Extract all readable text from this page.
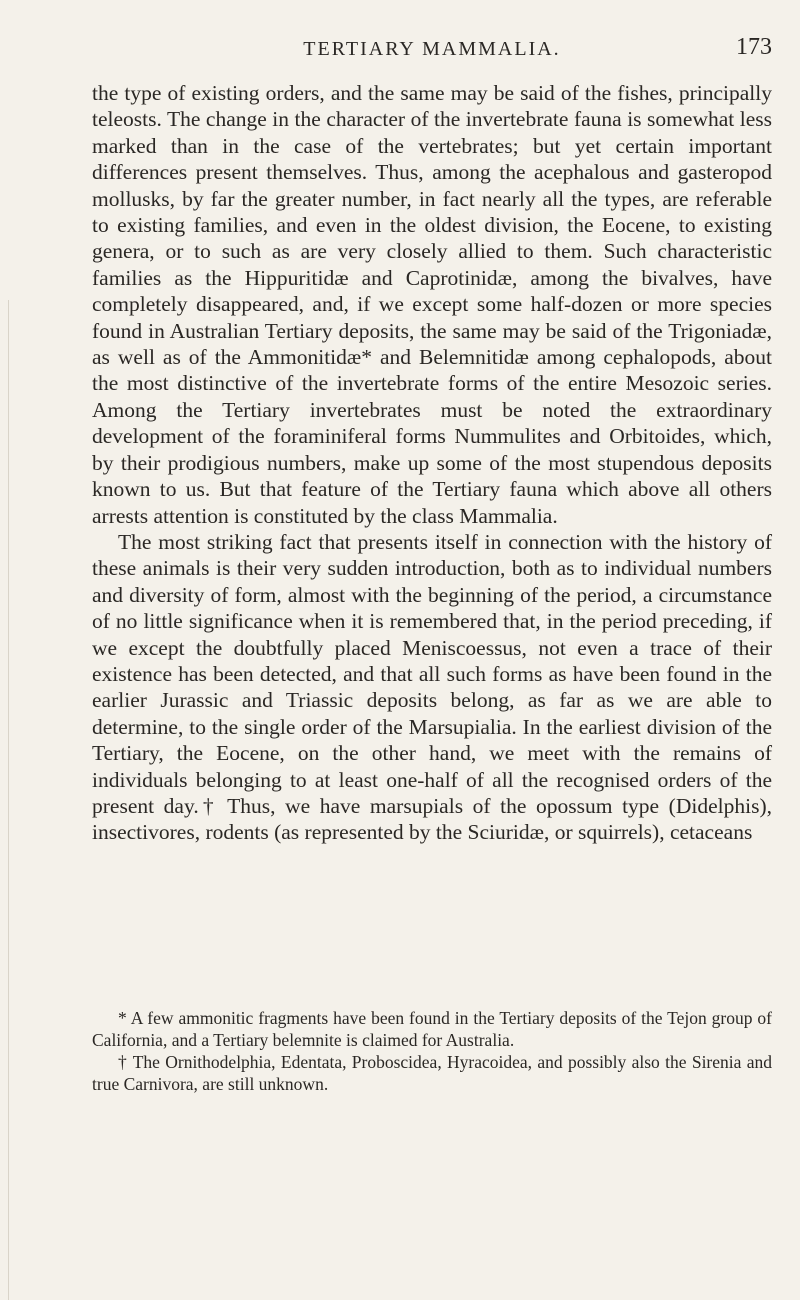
TERTIARY MAMMALIA.	173

the type of existing orders, and the same may be said of the fishes, principally teleosts. The change in the character of the invertebrate fauna is somewhat less marked than in the case of the vertebrates; but yet certain important differences present themselves. Thus, among the acephalous and gasteropod mollusks, by far the greater number, in fact nearly all the types, are referable to existing families, and even in the oldest division, the Eocene, to existing genera, or to such as are very closely allied to them. Such characteristic families as the Hippuritidæ and Caprotinidæ, among the bivalves, have completely disappeared, and, if we except some half-dozen or more species found in Australian Tertiary deposits, the same may be said of the Trigoniadæ, as well as of the Ammonitidæ* and Belemnitidæ among cephalopods, about the most distinctive of the invertebrate forms of the entire Mesozoic series. Among the Tertiary invertebrates must be noted the extraordinary development of the foraminiferal forms Nummulites and Orbitoides, which, by their prodigious numbers, make up some of the most stupendous deposits known to us. But that feature of the Tertiary fauna which above all others arrests attention is constituted by the class Mammalia.

The most striking fact that presents itself in connection with the history of these animals is their very sudden introduction, both as to individual numbers and diversity of form, almost with the beginning of the period, a circumstance of no little significance when it is remembered that, in the period preceding, if we except the doubtfully placed Meniscoessus, not even a trace of their existence has been detected, and that all such forms as have been found in the earlier Jurassic and Triassic deposits belong, as far as we are able to determine, to the single order of the Marsupialia. In the earliest division of the Tertiary, the Eocene, on the other hand, we meet with the remains of individuals belonging to at least one-half of all the recognised orders of the present day.† Thus, we have marsupials of the opossum type (Didelphis), insectivores, rodents (as represented by the Sciuridæ, or squirrels), cetaceans

* A few ammonitic fragments have been found in the Tertiary deposits of the Tejon group of California, and a Tertiary belemnite is claimed for Australia.

† The Ornithodelphia, Edentata, Proboscidea, Hyracoidea, and possibly also the Sirenia and true Carnivora, are still unknown.
